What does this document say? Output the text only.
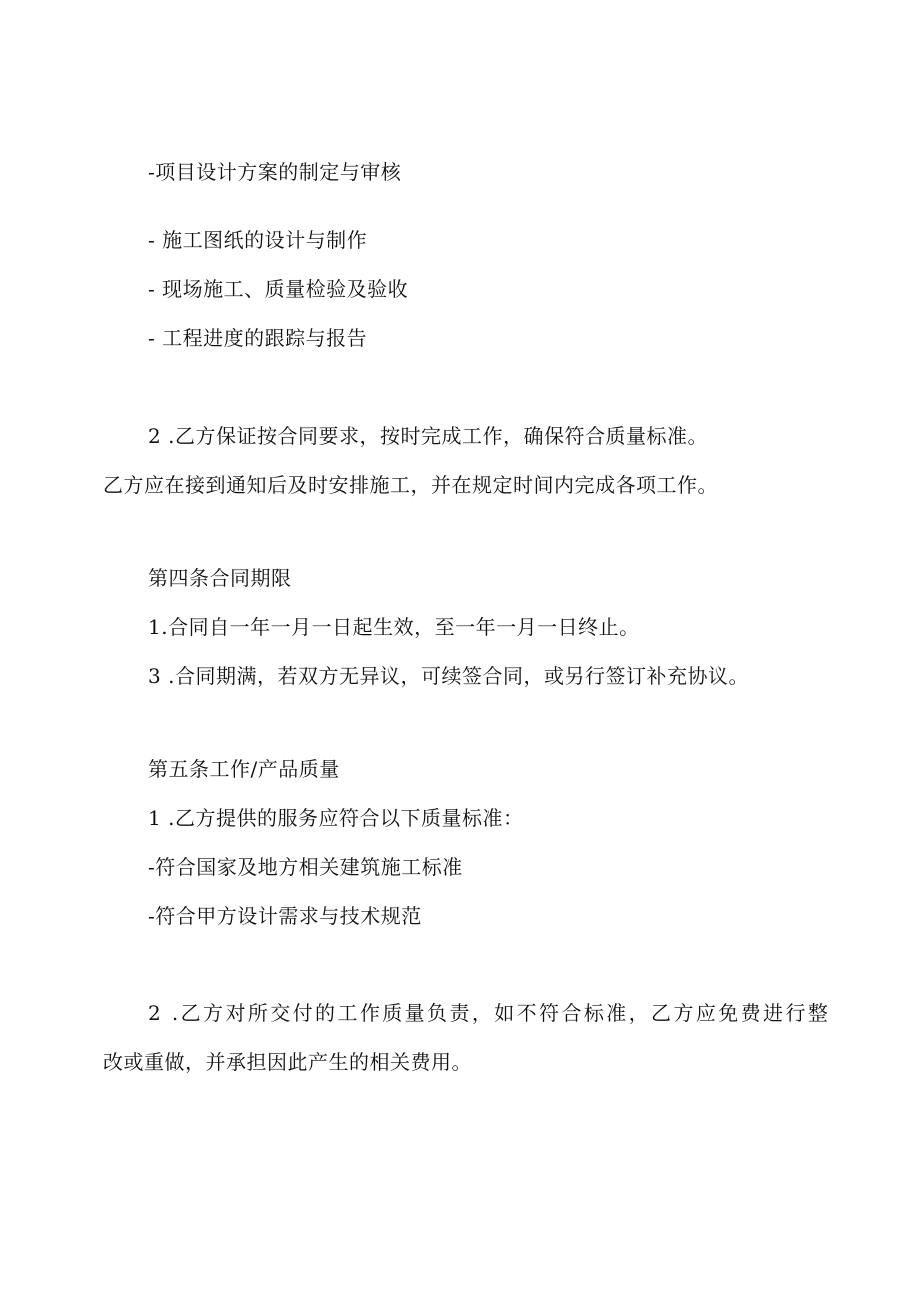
-项目设计方案的制定与审核
- 施工图纸的设计与制作
- 现场施工、质量检验及验收
- 工程进度的跟踪与报告
2 .乙方保证按合同要求，按时完成工作，确保符合质量标准。
乙方应在接到通知后及时安排施工，并在规定时间内完成各项工作。
第四条合同期限
1.合同自一年一月一日起生效，至一年一月一日终止。
3 .合同期满，若双方无异议，可续签合同，或另行签订补充协议。
第五条工作/产品质量
1 .乙方提供的服务应符合以下质量标准：
-符合国家及地方相关建筑施工标准
-符合甲方设计需求与技术规范
2 .乙方对所交付的工作质量负责，如不符合标准，乙方应免费进行整
改或重做，并承担因此产生的相关费用。
